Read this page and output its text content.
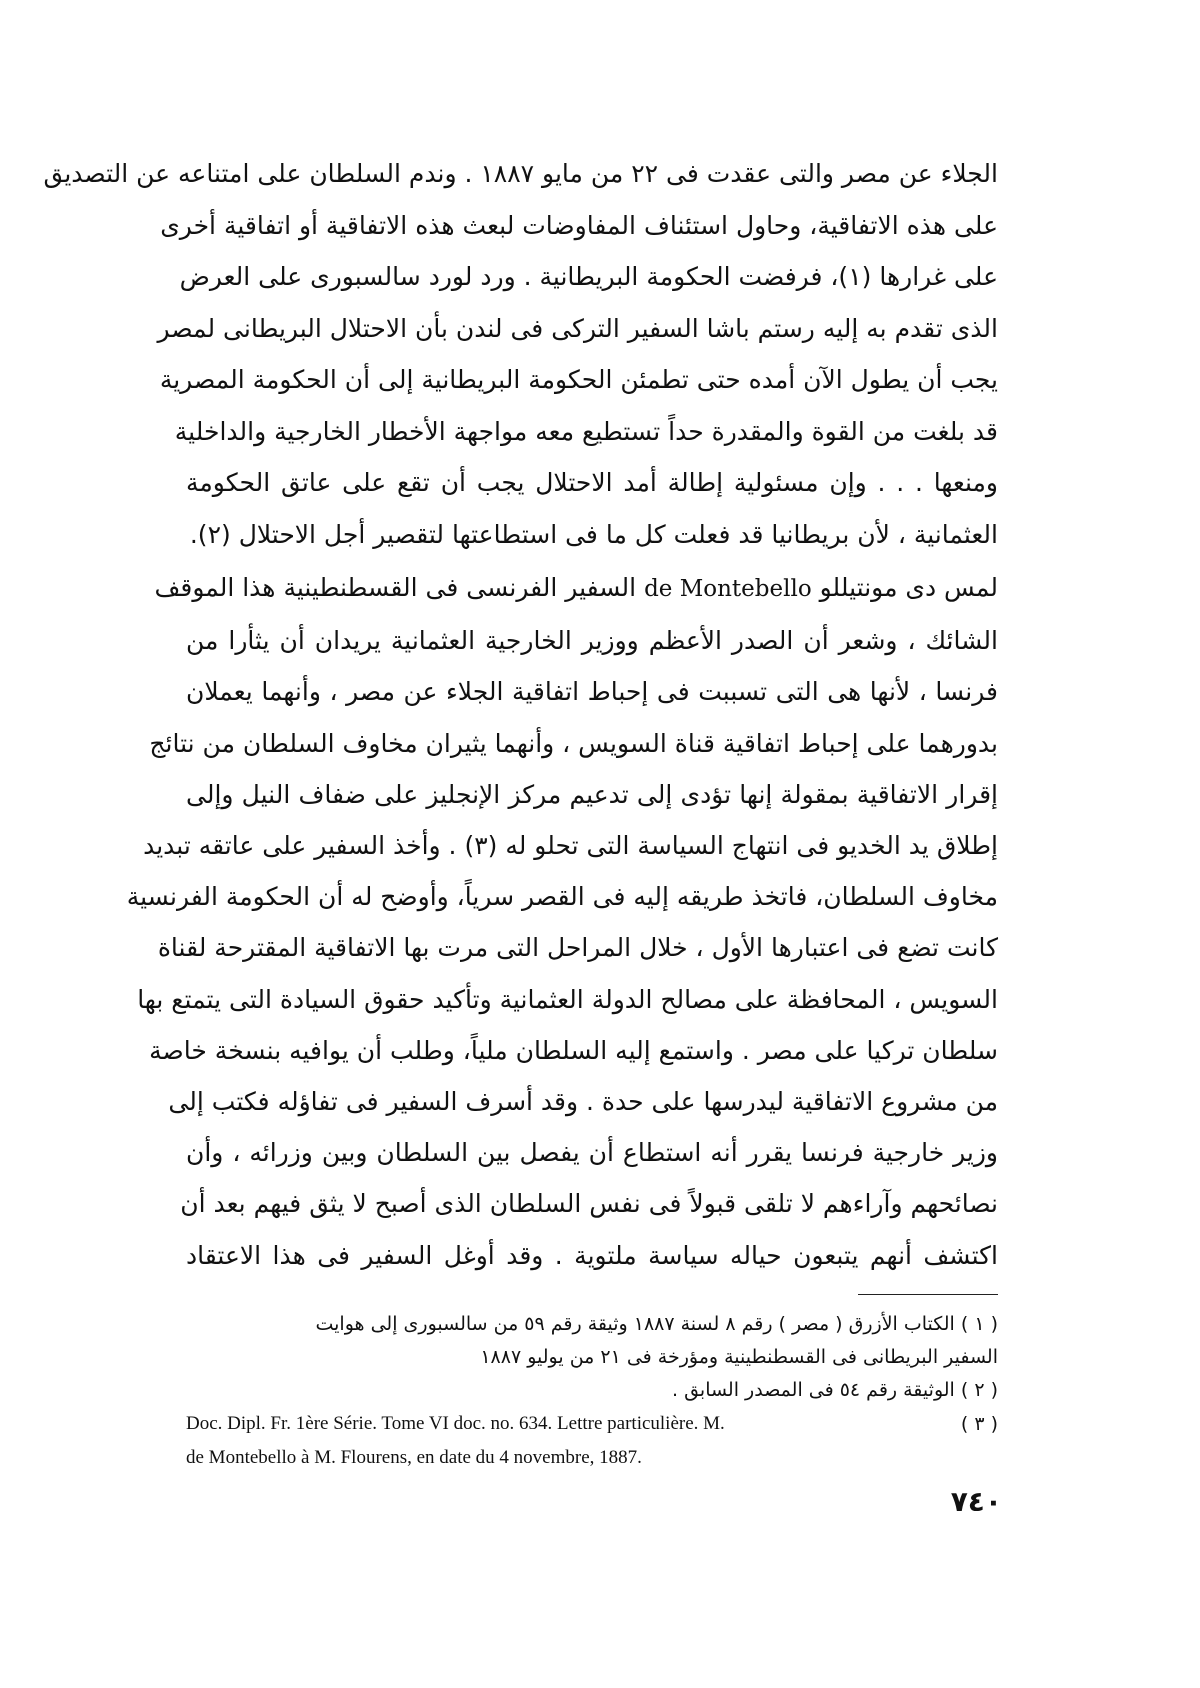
الجلاء عن مصر والتى عقدت فى ٢٢ من مايو ١٨٨٧ . وندم السلطان على امتناعه عن التصديق
على هذه الاتفاقية، وحاول استئناف المفاوضات لبعث هذه الاتفاقية أو اتفاقية أخرى
على غرارها (١)، فرفضت الحكومة البريطانية . ورد لورد سالسبورى على العرض
الذى تقدم به إليه رستم باشا السفير التركى فى لندن بأن الاحتلال البريطانى لمصر
يجب أن يطول الآن أمده حتى تطمئن الحكومة البريطانية إلى أن الحكومة المصرية
قد بلغت من القوة والمقدرة حداً تستطيع معه مواجهة الأخطار الخارجية والداخلية
ومنعها . . . وإن مسئولية إطالة أمد الاحتلال يجب أن تقع على عاتق الحكومة
العثمانية ، لأن بريطانيا قد فعلت كل ما فى استطاعتها لتقصير أجل الاحتلال (٢).
لمس دى مونتيللو de Montebello السفير الفرنسى فى القسطنطينية هذا الموقف
الشائك ، وشعر أن الصدر الأعظم ووزير الخارجية العثمانية يريدان أن يثأرا من
فرنسا ، لأنها هى التى تسببت فى إحباط اتفاقية الجلاء عن مصر ، وأنهما يعملان
بدورهما على إحباط اتفاقية قناة السويس ، وأنهما يثيران مخاوف السلطان من نتائج
إقرار الاتفاقية بمقولة إنها تؤدى إلى تدعيم مركز الإنجليز على ضفاف النيل وإلى
إطلاق يد الخديو فى انتهاج السياسة التى تحلو له (٣) . وأخذ السفير على عاتقه تبديد
مخاوف السلطان، فاتخذ طريقه إليه فى القصر سرياً، وأوضح له أن الحكومة الفرنسية
كانت تضع فى اعتبارها الأول ، خلال المراحل التى مرت بها الاتفاقية المقترحة لقناة
السويس ، المحافظة على مصالح الدولة العثمانية وتأكيد حقوق السيادة التى يتمتع بها
سلطان تركيا على مصر . واستمع إليه السلطان ملياً، وطلب أن يوافيه بنسخة خاصة
من مشروع الاتفاقية ليدرسها على حدة . وقد أسرف السفير فى تفاؤله فكتب إلى
وزير خارجية فرنسا يقرر أنه استطاع أن يفصل بين السلطان وبين وزرائه ، وأن
نصائحهم وآراءهم لا تلقى قبولاً فى نفس السلطان الذى أصبح لا يثق فيهم بعد أن
اكتشف أنهم يتبعون حياله سياسة ملتوية . وقد أوغل السفير فى هذا الاعتقاد
( ١ ) الكتاب الأزرق ( مصر ) رقم ٨ لسنة ١٨٨٧ وثيقة رقم ٥٩ من سالسبورى إلى هوايت
السفير البريطانى فى القسطنطينية ومؤرخة فى ٢١ من يوليو ١٨٨٧
( ٢ ) الوثيقة رقم ٥٤ فى المصدر السابق .
( ٣ )
Doc. Dipl. Fr. 1ère Série. Tome VI doc. no. 634. Lettre particulière. M.
de Montebello à M. Flourens, en date du 4 novembre, 1887.
٧٤٠
